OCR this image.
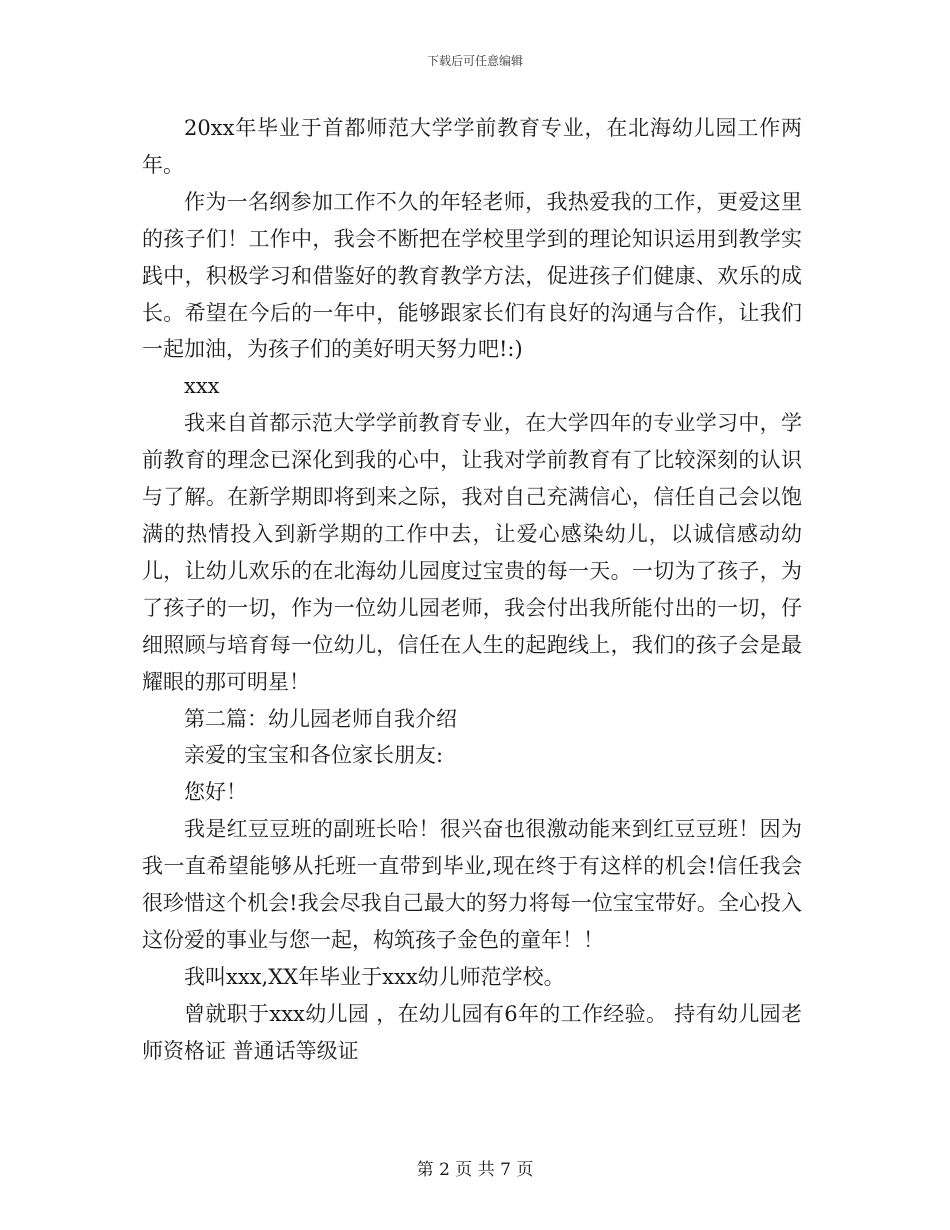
下载后可任意编辑

20xx年毕业于首都师范大学学前教育专业，在北海幼儿园工作两年。

作为一名纲参加工作不久的年轻老师，我热爱我的工作，更爱这里的孩子们！工作中，我会不断把在学校里学到的理论知识运用到教学实践中，积极学习和借鉴好的教育教学方法，促进孩子们健康、欢乐的成长。希望在今后的一年中，能够跟家长们有良好的沟通与合作，让我们一起加油，为孩子们的美好明天努力吧!:)

xxx

我来自首都示范大学学前教育专业，在大学四年的专业学习中，学前教育的理念已深化到我的心中，让我对学前教育有了比较深刻的认识与了解。在新学期即将到来之际，我对自己充满信心，信任自己会以饱满的热情投入到新学期的工作中去，让爱心感染幼儿，以诚信感动幼儿，让幼儿欢乐的在北海幼儿园度过宝贵的每一天。一切为了孩子，为了孩子的一切，作为一位幼儿园老师，我会付出我所能付出的一切，仔细照顾与培育每一位幼儿，信任在人生的起跑线上，我们的孩子会是最耀眼的那可明星！

第二篇：幼儿园老师自我介绍

亲爱的宝宝和各位家长朋友:

您好！

我是红豆豆班的副班长哈！很兴奋也很激动能来到红豆豆班！因为我一直希望能够从托班一直带到毕业,现在终于有这样的机会!信任我会很珍惜这个机会!我会尽我自己最大的努力将每一位宝宝带好。全心投入这份爱的事业与您一起，构筑孩子金色的童年！！

我叫xxx,XX年毕业于xxx幼儿师范学校。

曾就职于xxx幼儿园 ，在幼儿园有6年的工作经验。 持有幼儿园老师资格证 普通话等级证

第 2 页 共 7 页
